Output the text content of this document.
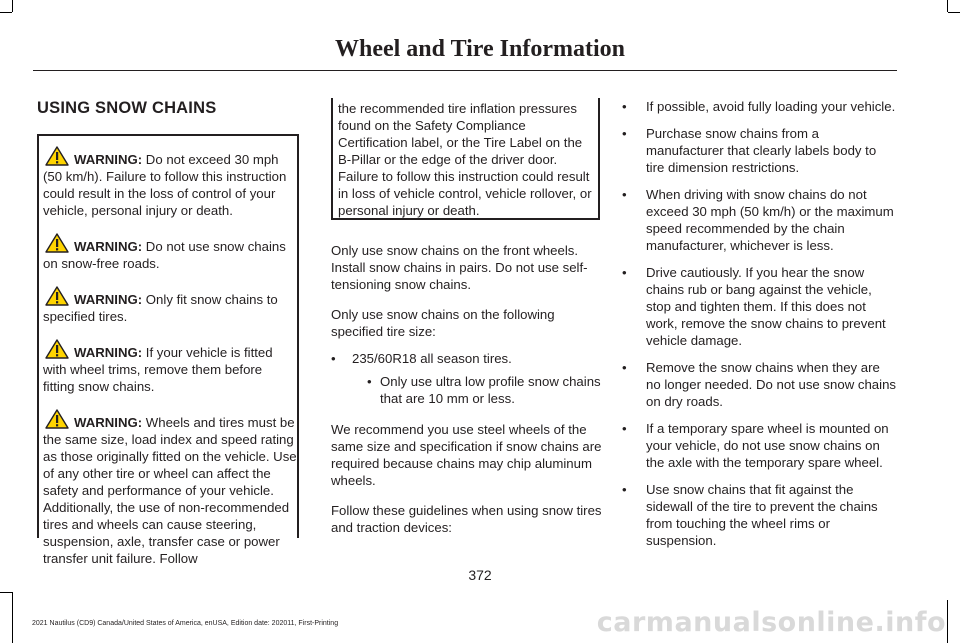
Wheel and Tire Information
USING SNOW CHAINS

WARNING: Do not exceed 30 mph (50 km/h). Failure to follow this instruction could result in the loss of control of your vehicle, personal injury or death.

WARNING: Do not use snow chains on snow-free roads.

WARNING: Only fit snow chains to specified tires.

WARNING: If your vehicle is fitted with wheel trims, remove them before fitting snow chains.

WARNING: Wheels and tires must be the same size, load index and speed rating as those originally fitted on the vehicle. Use of any other tire or wheel can affect the safety and performance of your vehicle. Additionally, the use of non-recommended tires and wheels can cause steering, suspension, axle, transfer case or power transfer unit failure. Follow

the recommended tire inflation pressures found on the Safety Compliance Certification label, or the Tire Label on the B-Pillar or the edge of the driver door. Failure to follow this instruction could result in loss of vehicle control, vehicle rollover, or personal injury or death.

Only use snow chains on the front wheels. Install snow chains in pairs. Do not use self-tensioning snow chains.

Only use snow chains on the following specified tire size:

•	235/60R18 all season tires.
• Only use ultra low profile snow chains that are 10 mm or less.

We recommend you use steel wheels of the same size and specification if snow chains are required because chains may chip aluminum wheels.

Follow these guidelines when using snow tires and traction devices:

•	If possible, avoid fully loading your vehicle.
•	Purchase snow chains from a manufacturer that clearly labels body to tire dimension restrictions.
•	When driving with snow chains do not exceed 30 mph (50 km/h) or the maximum speed recommended by the chain manufacturer, whichever is less.
•	Drive cautiously. If you hear the snow chains rub or bang against the vehicle, stop and tighten them. If this does not work, remove the snow chains to prevent vehicle damage.
•	Remove the snow chains when they are no longer needed. Do not use snow chains on dry roads.
•	If a temporary spare wheel is mounted on your vehicle, do not use snow chains on the axle with the temporary spare wheel.
•	Use snow chains that fit against the sidewall of the tire to prevent the chains from touching the wheel rims or suspension.

372

2021 Nautilus (CD9) Canada/United States of America, enUSA, Edition date: 202011, First-Printing	carmanualsonline.info
